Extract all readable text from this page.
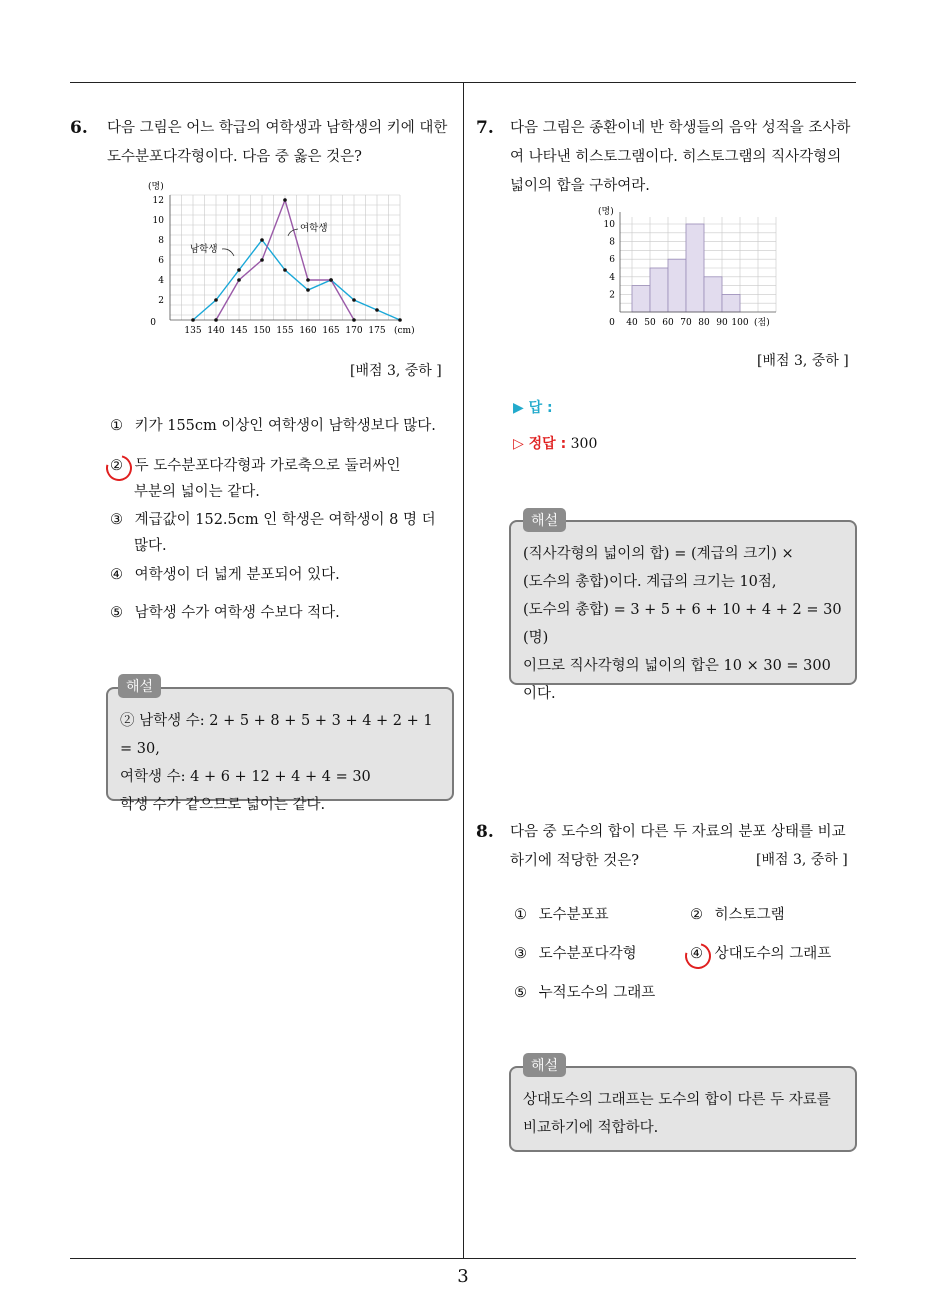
6. 다음 그림은 어느 학급의 여학생과 남학생의 키에 대한
도수분포다각형이다. 다음 중 옳은 것은?
0
2
4
6
8
10
12
(명)
135 140 145 150 155 160 165 170 175 (cm)
남학생
여학생
[배점 3, 중하 ]
① 키가 155cm 이상인 여학생이 남학생보다 많다.
② 두 도수분포다각형과 가로축으로 둘러싸인
부분의 넓이는 같다.
③ 계급값이 152.5cm 인 학생은 여학생이 8 명 더
많다.
④ 여학생이 더 넓게 분포되어 있다.
⑤ 남학생 수가 여학생 수보다 적다.
② 남학생 수: 2 + 5 + 8 + 5 + 3 + 4 + 2 + 1 = 30,
여학생 수: 4 + 6 + 12 + 4 + 4 = 30
학생 수가 같으므로 넓이는 같다.
해설
7. 다음 그림은 종환이네 반 학생들의 음악 성적을 조사하
여 나타낸 히스토그램이다. 히스토그램의 직사각형의
넓이의 합을 구하여라.
2
4
6
8
10
(명)
0 40 50 60 70 80 90 100 (점)
[배점 3, 중하 ]
▶ 답 :
▷ 정답 : 300
(직사각형의 넓이의 합) = (계급의 크기) ×
(도수의 총합)이다. 계급의 크기는 10점,
(도수의 총합) = 3 + 5 + 6 + 10 + 4 + 2 = 30 (명)
이므로 직사각형의 넓이의 합은 10 × 30 = 300
이다.
해설
8. 다음 중 도수의 합이 다른 두 자료의 분포 상태를 비교
하기에 적당한 것은?	[배점 3, 중하 ]
① 도수분포표	② 히스토그램
③ 도수분포다각형	④ 상대도수의 그래프
⑤ 누적도수의 그래프
상대도수의 그래프는 도수의 합이 다른 두 자료를
비교하기에 적합하다.
해설
3
